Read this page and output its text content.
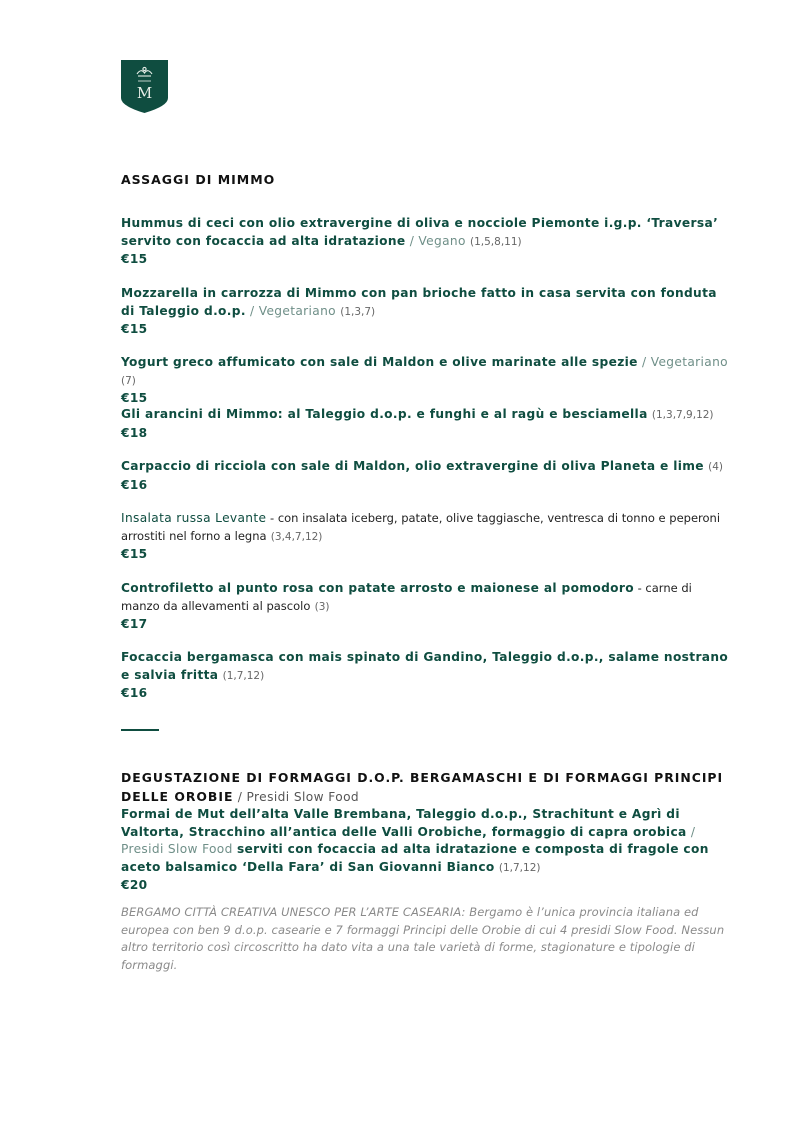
M
ASSAGGI DI MIMMO
Hummus di ceci con olio extravergine di oliva e nocciole Piemonte i.g.p. ‘Traversa’ servito con focaccia ad alta idratazione / Vegano (1,5,8,11)
€15
Mozzarella in carrozza di Mimmo con pan brioche fatto in casa servita con fonduta di Taleggio d.o.p. / Vegetariano (1,3,7)
€15
Yogurt greco affumicato con sale di Maldon e olive marinate alle spezie / Vegetariano (7)
€15
Gli arancini di Mimmo: al Taleggio d.o.p. e funghi e al ragù e besciamella (1,3,7,9,12)
€18
Carpaccio di ricciola con sale di Maldon, olio extravergine di oliva Planeta e lime (4)
€16
Insalata russa Levante - con insalata iceberg, patate, olive taggiasche, ventresca di tonno e peperoni arrostiti nel forno a legna (3,4,7,12)
€15
Controfiletto al punto rosa con patate arrosto e maionese al pomodoro - carne di manzo da allevamenti al pascolo (3)
€17
Focaccia bergamasca con mais spinato di Gandino, Taleggio d.o.p., salame nostrano e salvia fritta (1,7,12)
€16
DEGUSTAZIONE DI FORMAGGI D.O.P. BERGAMASCHI E DI FORMAGGI PRINCIPI DELLE OROBIE / Presidi Slow Food
Formai de Mut dell’alta Valle Brembana, Taleggio d.o.p., Strachitunt e Agrì di Valtorta, Stracchino all’antica delle Valli Orobiche, formaggio di capra orobica / Presidi Slow Food serviti con focaccia ad alta idratazione e composta di fragole con aceto balsamico ‘Della Fara’ di San Giovanni Bianco (1,7,12)
€20
BERGAMO CITTÀ CREATIVA UNESCO PER L’ARTE CASEARIA: Bergamo è l’unica provincia italiana ed europea con ben 9 d.o.p. casearie e 7 formaggi Principi delle Orobie di cui 4 presidi Slow Food. Nessun altro territorio così circoscritto ha dato vita a una tale varietà di forme, stagionature e tipologie di formaggi.
